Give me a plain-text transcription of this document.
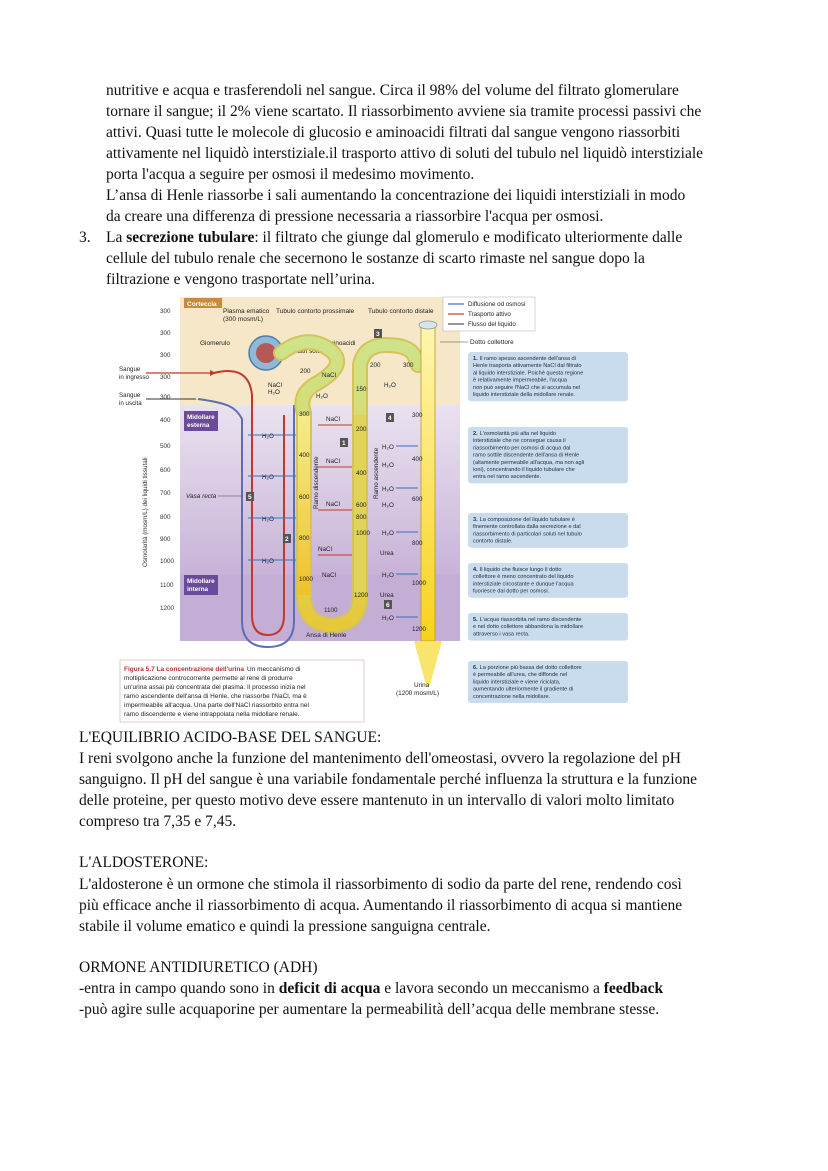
nutritive e acqua e trasferendoli nel sangue. Circa il 98% del volume del filtrato glomerulare

tornare il sangue; il 2% viene scartato. Il riassorbimento avviene sia tramite processi passivi che

attivi. Quasi tutte le molecole di glucosio e aminoacidi filtrati dal sangue vengono riassorbiti

attivamente nel liquidò interstiziale.il trasporto attivo di soluti del tubulo nel liquidò interstiziale

porta l'acqua a seguire per osmosi il medesimo movimento.

L’ansa di Henle riassorbe i sali aumentando la concentrazione dei liquidi interstiziali in modo

da creare una differenza di pressione necessaria a riassorbire l'acqua per osmosi.

3. La secrezione tubulare: il filtrato che giunge dal glomerulo e modificato ulteriormente dalle

cellule del tubulo renale che secernono le sostanze di scarto rimaste nel sangue dopo la

filtrazione e vengono trasportate nell’urina.

Corteccia
Midollare
esterna
Midollare
interna
300
300
300
300
300
400
500
600
700
800
900
1000
1100
1200
Osmolarità (mosm/L) dei liquidi tissutali
Plasma ematico
(300 mosm/L)
Tubulo contorto prossimale Tubulo contorto distale
Glomerulo	Glucosio, amminoacidi
e altri soluti
Dotto collettore
Sangue
in ingresso
Sangue
in uscita
Vasa recta
Urina
(1200 mosm/L)
Ramo discendente	Ramo ascendente
Ansa di Henle
200
200	300
300
400
600
800
1000
150
200
400
600
800
1000
300
400
600
800
1000
1200
1100
1200
NaCl
NaCl
H₂O
H₂O
H₂O
NaCl
NaCl
NaCl
NaCl
NaCl
H₂O
H₂O
H₂O
H₂O
H₂O
H₂O
H₂O
H₂O
H₂O
H₂O
H₂O
Urea
Urea
1
2
3
4
5
6
Diffusione od osmosi
Trasporto attivo
Flusso del liquido
1. Il ramo spesso ascendente dell'ansa di
Henle trasporta attivamente NaCl dal filtrato
al liquido interstiziale. Poiché questa regione
è relativamente impermeabile, l'acqua
non può seguire l'NaCl che si accumula nel
liquido interstiziale della midollare renale.
2. L'osmolarità più alta nel liquido
interstiziale che ne consegue causa il
riassorbimento per osmosi di acqua dal
ramo sottile discendente dell'ansa di Henle
(altamente permeabile all'acqua, ma non agli
ioni), concentrando il liquido tubulare che
entra nel ramo ascendente.
3. La composizione del liquido tubulare è
finemente controllata dalla secrezione e dal
riassorbimento di particolari soluti nel tubulo
contorto distale.
4. Il liquido che fluisce lungo il dotto
collettore è meno concentrato del liquido
interstiziale circostante e dunque l'acqua
fuoriesce dal dotto per osmosi.
5. L'acqua riassorbita nel ramo discendente
e nel dotto collettore abbandona la midollare
attraverso i vasa recta.
6. La porzione più bassa del dotto collettore
è permeabile all'urea, che diffonde nel
liquido interstiziale e viene riciclata,
aumentando ulteriormente il gradiente di
concentrazione nella midollare.
Figura 5.7 La concentrazione dell'urina Un meccanismo di
moltiplicazione controcorrente permette al rene di produrre
un'urina assai più concentrata del plasma. Il processo inizia nel
ramo ascendente dell'ansa di Henle, che riassorbe l'NaCl, ma è
impermeabile all'acqua. Una parte dell'NaCl riassorbito entra nel
ramo discendente e viene intrappolata nella midollare renale.
L'EQUILIBRIO ACIDO-BASE DEL SANGUE:

I reni svolgono anche la funzione del mantenimento dell'omeostasi, ovvero la regolazione del pH

sanguigno. Il pH del sangue è una variabile fondamentale perché influenza la struttura e la funzione

delle proteine, per questo motivo deve essere mantenuto in un intervallo di valori molto limitato

compreso tra 7,35 e 7,45.

L'ALDOSTERONE:

L'aldosterone è un ormone che stimola il riassorbimento di sodio da parte del rene, rendendo così

più efficace anche il riassorbimento di acqua. Aumentando il riassorbimento di acqua si mantiene

stabile il volume ematico e quindi la pressione sanguigna centrale.

ORMONE ANTIDIURETICO (ADH)

-entra in campo quando sono in deficit di acqua e lavora secondo un meccanismo a feedback

-può agire sulle acquaporine per aumentare la permeabilità dell’acqua delle membrane stesse.
